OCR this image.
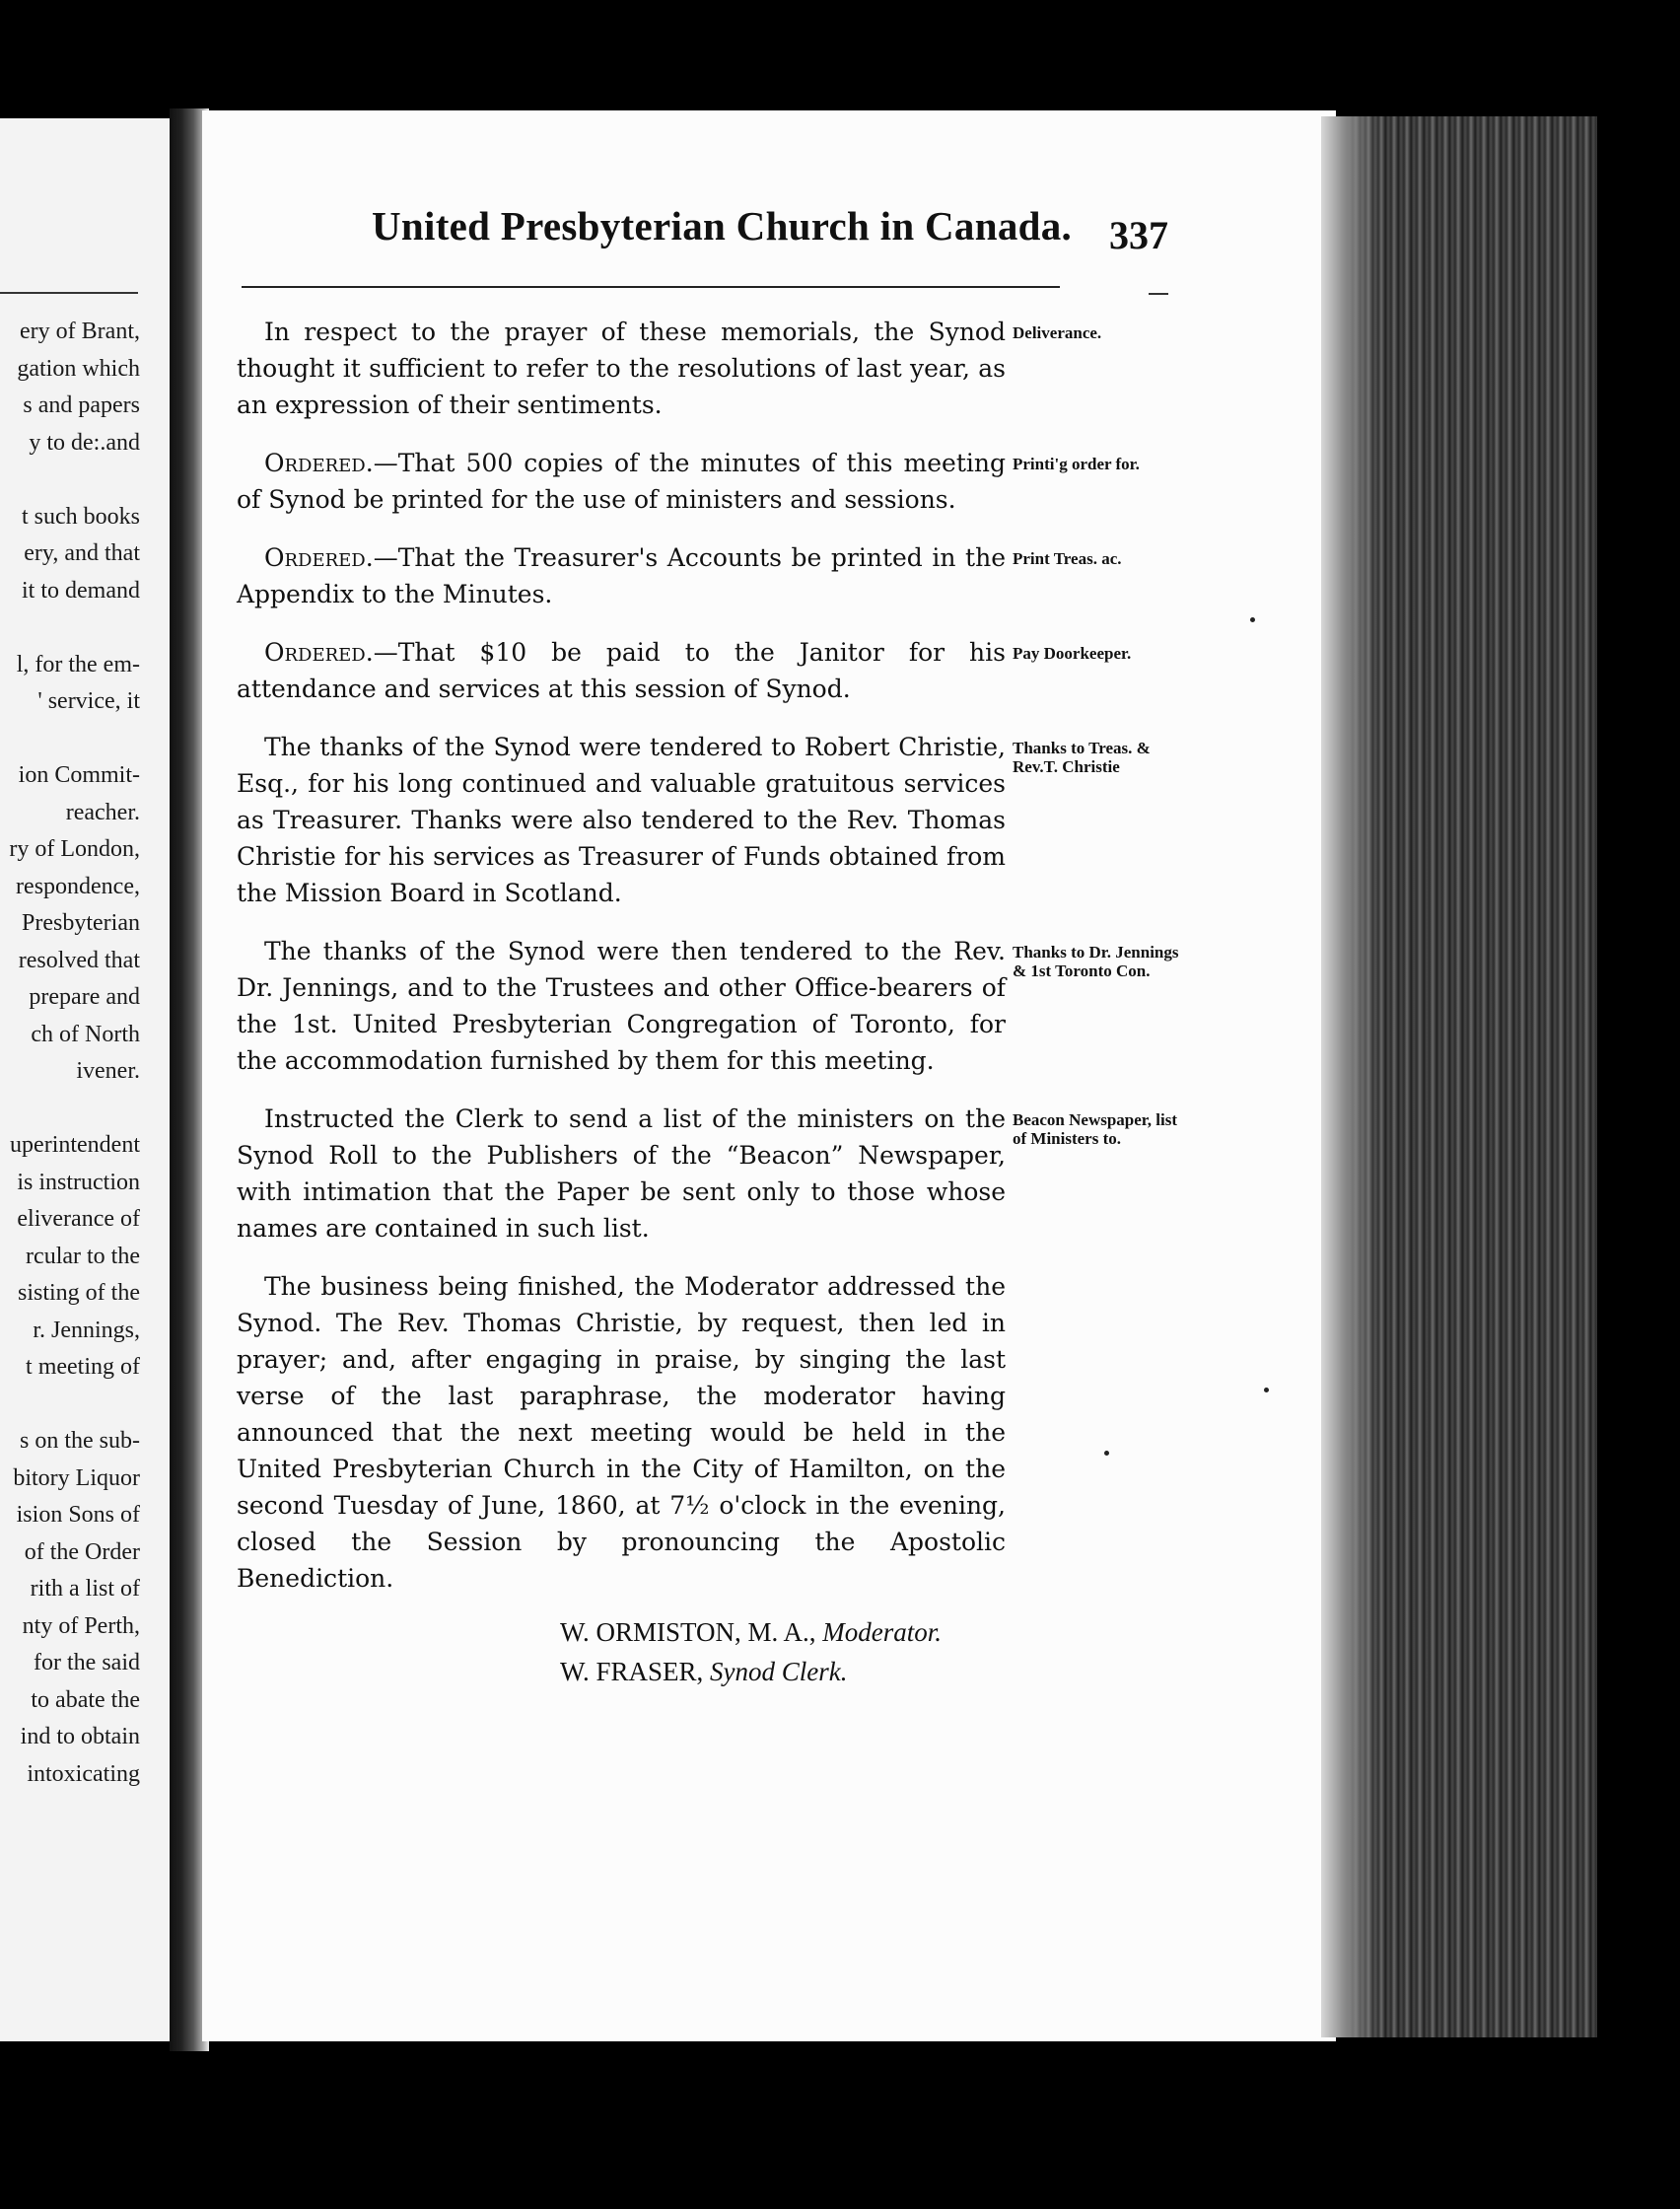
ery of Brant,
gation which
s and papers
y to de:.and
t such books
ery, and that
it to demand
l, for the em-
' service, it
ion Commit-
reacher.
ry of London,
respondence,
Presbyterian
resolved that
prepare and
ch of North
ivener.
uperintendent
is instruction
eliverance of
rcular to the
sisting of the
r. Jennings,
t meeting of
s on the sub-
bitory Liquor
ision Sons of
of the Order
rith a list of
nty of Perth,
for the said
to abate the
ind to obtain
intoxicating
United Presbyterian Church in Canada. 337

In respect to the prayer of these memorials, the Synod thought it sufficient to refer to the resolutions of last year, as an expression of their sentiments.

Ordered.—That 500 copies of the minutes of this meeting of Synod be printed for the use of ministers and sessions.

Ordered.—That the Treasurer's Accounts be printed in the Appendix to the Minutes.

Ordered.—That $10 be paid to the Janitor for his attendance and services at this session of Synod.

The thanks of the Synod were tendered to Robert Christie, Esq., for his long continued and valuable gratuitous services as Treasurer. Thanks were also tendered to the Rev. Thomas Christie for his services as Treasurer of Funds obtained from the Mission Board in Scotland.

The thanks of the Synod were then tendered to the Rev. Dr. Jennings, and to the Trustees and other Office-bearers of the 1st. United Presbyterian Congregation of Toronto, for the accommodation furnished by them for this meeting.

Instructed the Clerk to send a list of the ministers on the Synod Roll to the Publishers of the “Beacon” Newspaper, with intimation that the Paper be sent only to those whose names are contained in such list.

The business being finished, the Moderator addressed the Synod. The Rev. Thomas Christie, by request, then led in prayer; and, after engaging in praise, by singing the last verse of the last paraphrase, the moderator having announced that the next meeting would be held in the United Presbyterian Church in the City of Hamilton, on the second Tuesday of June, 1860, at 7½ o'clock in the evening, closed the Session by pronouncing the Apostolic Benediction.

Deliverance.
Printi'g order for.
Print Treas. ac.
Pay Doorkeeper.
Thanks to Treas. & Rev.T. Christie
Thanks to Dr. Jennings & 1st Toronto Con.
Beacon Newspaper, list of Ministers to.
W. ORMISTON, M. A., Moderator.
W. FRASER, Synod Clerk.
